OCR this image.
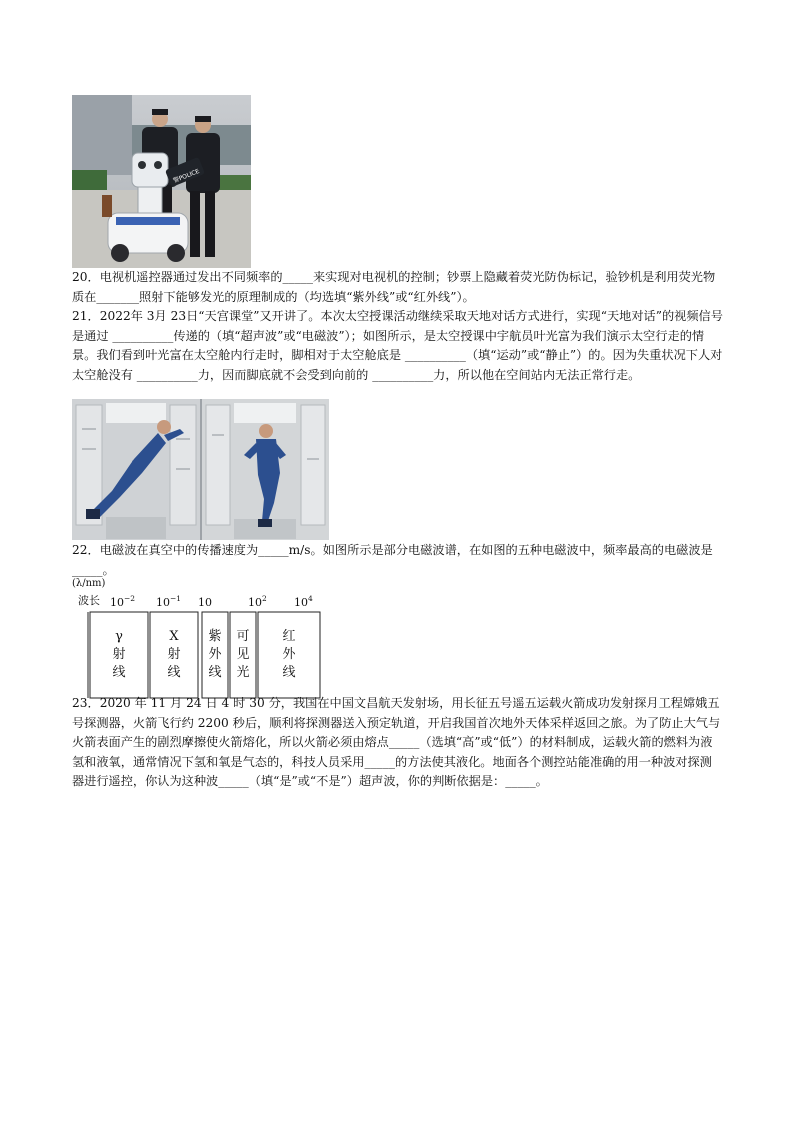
警POLICE

20．电视机遥控器通过发出不同频率的_____来实现对电视机的控制；钞票上隐藏着荧光防伪标记，验钞机是利用荧光物质在_______照射下能够发光的原理制成的（均选填“紫外线”或“红外线”）。

21．2022年 3月 23日“天宫课堂”又开讲了。本次太空授课活动继续采取天地对话方式进行，实现“天地对话”的视频信号是通过 __________传递的（填“超声波”或“电磁波”）；如图所示，是太空授课中宇航员叶光富为我们演示太空行走的情景。我们看到叶光富在太空舱内行走时，脚相对于太空舱底是 __________（填“运动”或“静止”）的。因为失重状况下人对太空舱没有 __________力，因而脚底就不会受到向前的 __________力，所以他在空间站内无法正常行走。

22．电磁波在真空中的传播速度为_____m/s。如图所示是部分电磁波谱，在如图的五种电磁波中，频率最高的电磁波是_____。

(λ/nm)
波长 $10^{-2}$ $10^{-1}$ 10	$10^2$ $10^4$
γ
射
线
X
射
线
紫
外
线
可
见
光
红
外
线

23．2020 年 11 月 24 日 4 时 30 分，我国在中国文昌航天发射场，用长征五号遥五运载火箭成功发射探月工程嫦娥五号探测器，火箭飞行约 2200 秒后，顺利将探测器送入预定轨道，开启我国首次地外天体采样返回之旅。为了防止大气与火箭表面产生的剧烈摩擦使火箭熔化，所以火箭必须由熔点_____（选填“高”或“低”）的材料制成，运载火箭的燃料为液氢和液氧，通常情况下氢和氧是气态的，科技人员采用_____的方法使其液化。地面各个测控站能准确的用一种波对探测器进行遥控，你认为这种波_____（填“是”或“不是”）超声波，你的判断依据是：_____。
